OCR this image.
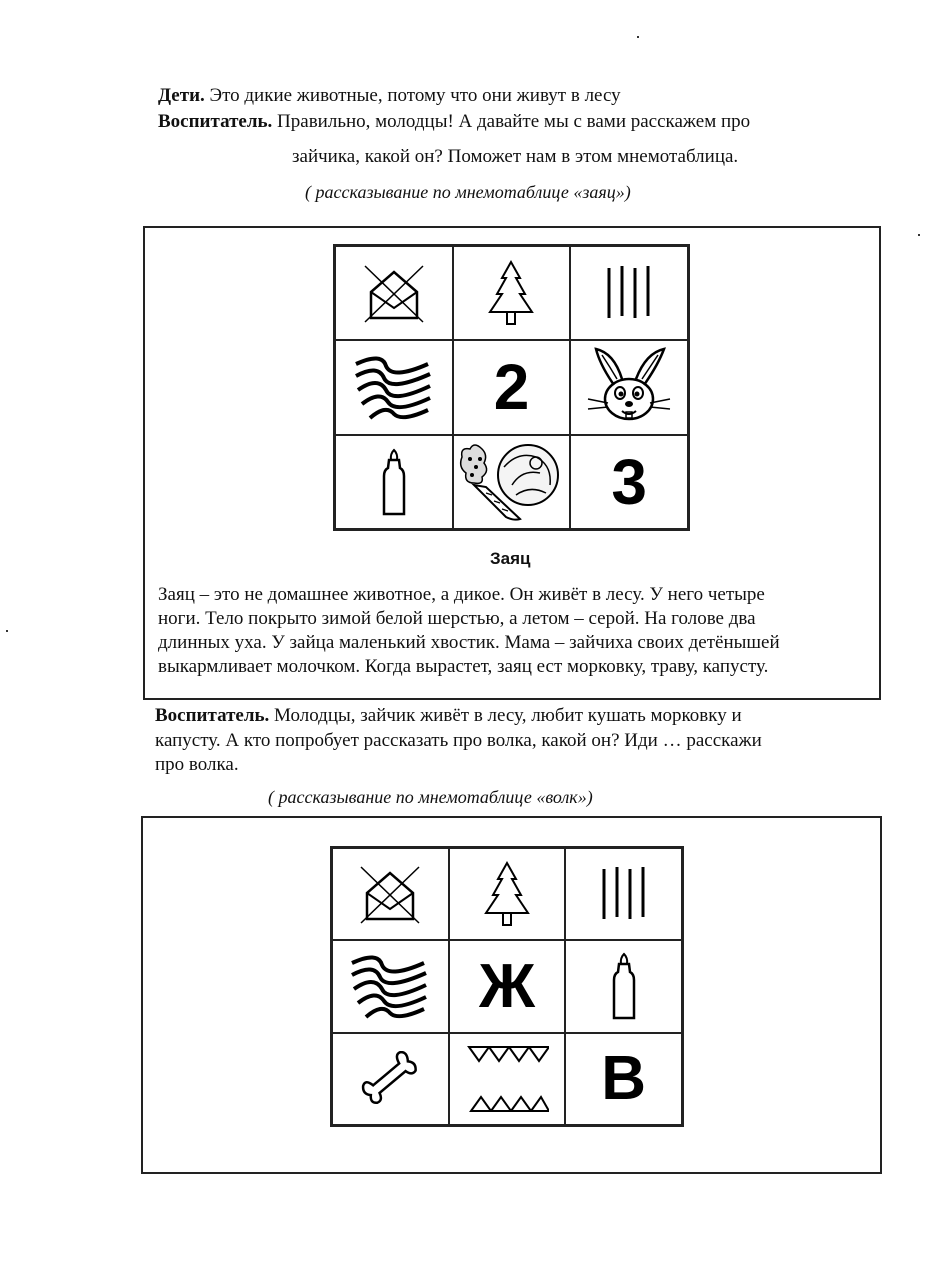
Дети. Это дикие животные, потому что они живут в лесу
Воспитатель. Правильно, молодцы! А давайте мы с вами расскажем про
зайчика, какой он? Поможет нам в этом мнемотаблица.
( рассказывание по мнемотаблице «заяц»)
2
3
Заяц
Заяц – это не домашнее животное, а дикое. Он живёт в лесу. У него четыре
ноги. Тело покрыто зимой белой шерстью, а летом – серой. На голове два
длинных уха. У зайца маленький хвостик. Мама – зайчиха своих детёнышей
выкармливает молочком. Когда вырастет, заяц ест морковку, траву, капусту.
Воспитатель. Молодцы, зайчик живёт в лесу, любит кушать морковку и
капусту. А кто попробует рассказать про волка, какой он? Иди … расскажи
про волка.
( рассказывание по мнемотаблице «волк»)
Ж
В
